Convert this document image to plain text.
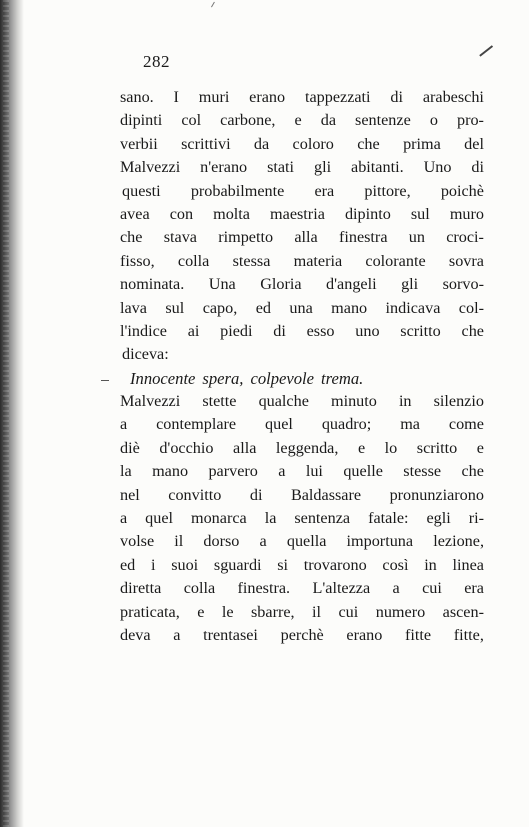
282
sano. I muri erano tappezzati di arabeschi
dipinti col carbone, e da sentenze o pro-
verbii scrittivi da coloro che prima del
Malvezzi n'erano stati gli abitanti. Uno di
questi probabilmente era pittore, poichè
avea con molta maestria dipinto sul muro
che stava rimpetto alla finestra un croci-
fisso, colla stessa materia colorante sovra
nominata. Una Gloria d'angeli gli sorvo-
lava sul capo, ed una mano indicava col-
l'indice ai piedi di esso uno scritto che
diceva:
Innocente spera, colpevole trema.
Malvezzi stette qualche minuto in silenzio
a contemplare quel quadro; ma come
diè d'occhio alla leggenda, e lo scritto e
la mano parvero a lui quelle stesse che
nel convitto di Baldassare pronunziarono
a quel monarca la sentenza fatale: egli ri-
volse il dorso a quella importuna lezione,
ed i suoi sguardi si trovarono così in linea
diretta colla finestra. L'altezza a cui era
praticata, e le sbarre, il cui numero ascen-
deva a trentasei perchè erano fitte fitte,
